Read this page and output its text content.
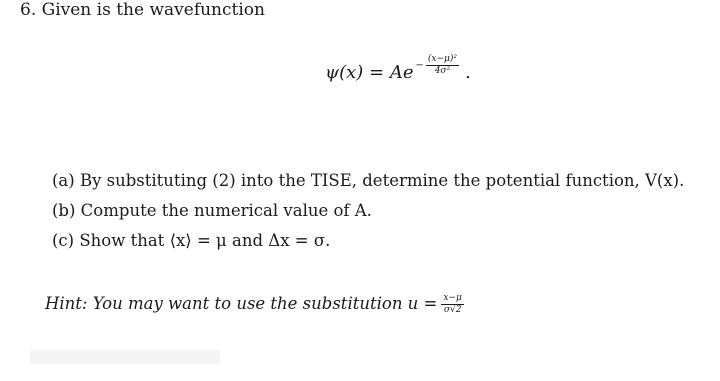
6. Given is the wavefunction
$\psi(x) = Ae - \frac{\text{(x−μ)²}}{\text{4σ²}}$ .
(a) By substituting (2) into the TISE, determine the potential function, V(x).
(b) Compute the numerical value of A.
(c) Show that ⟨x⟩ = μ and Δx = σ.
Hint: You may want to use the substitution $u = \frac{x-\mu}{\sigma√2}$
